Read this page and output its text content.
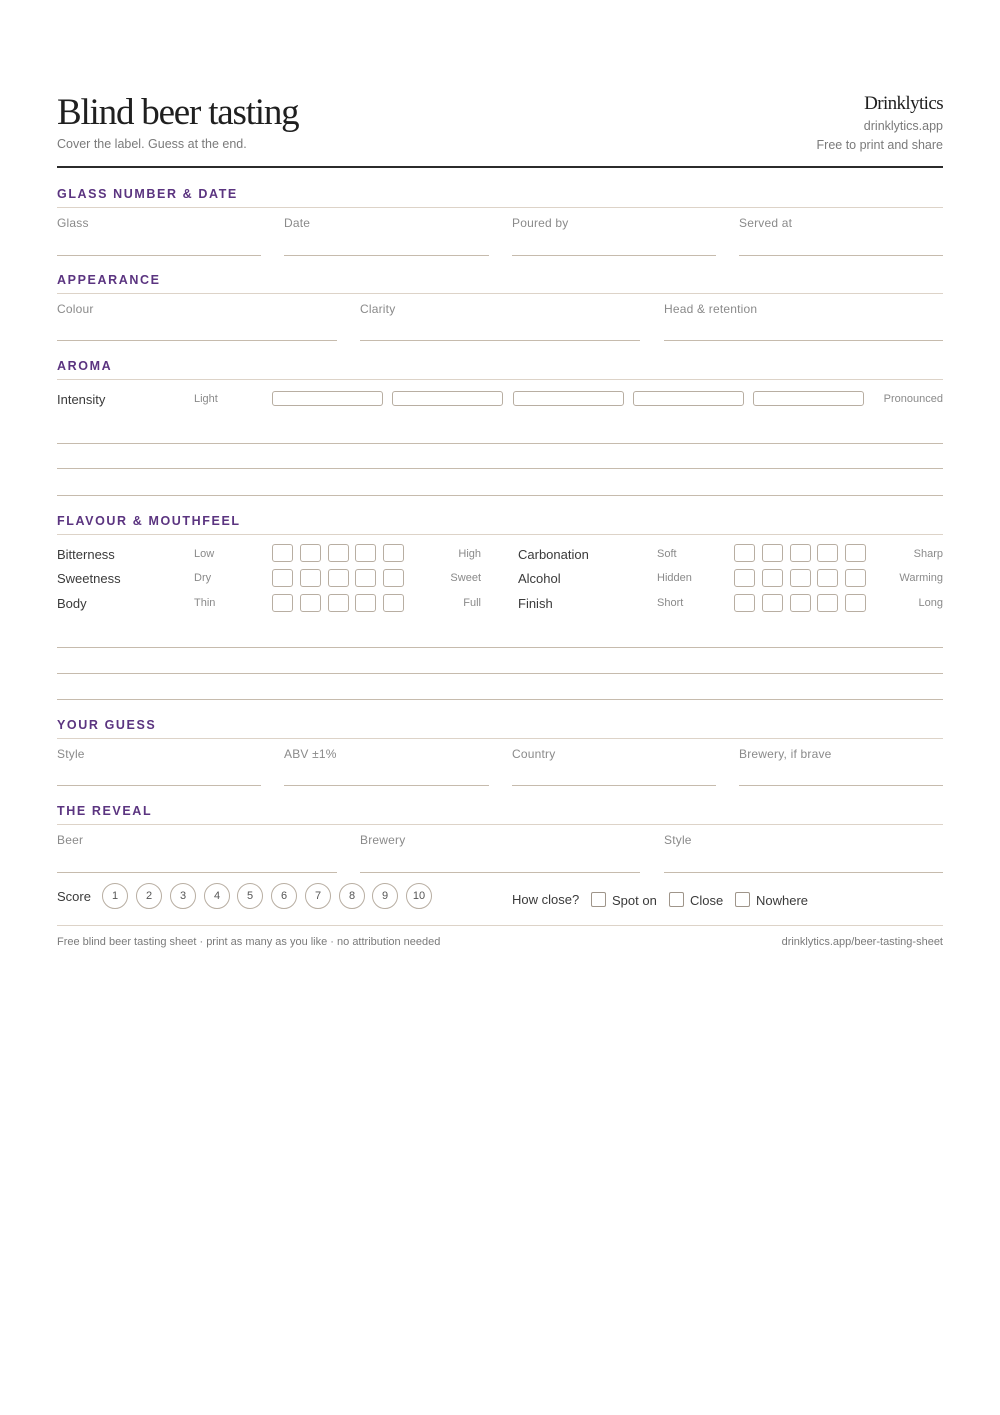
Blind beer tasting
Cover the label. Guess at the end.
Drinklytics
drinklytics.app
Free to print and share
GLASS NUMBER & DATE
Glass	Date	Poured by	Served at
APPEARANCE
Colour	Clarity	Head & retention
AROMA
Intensity	Light	Pronounced
FLAVOUR & MOUTHFEEL
Bitterness	Low	High
Sweetness	Dry	Sweet
Body	Thin	Full
Carbonation	Soft	Sharp
Alcohol	Hidden	Warming
Finish	Short	Long
YOUR GUESS
Style	ABV ±1%	Country	Brewery, if brave
THE REVEAL
Beer	Brewery	Style
Score	1	2	3	4	5	6	7	8	9	10	How close?	Spot on	Close	Nowhere
Free blind beer tasting sheet · print as many as you like · no attribution needed	drinklytics.app/beer-tasting-sheet
